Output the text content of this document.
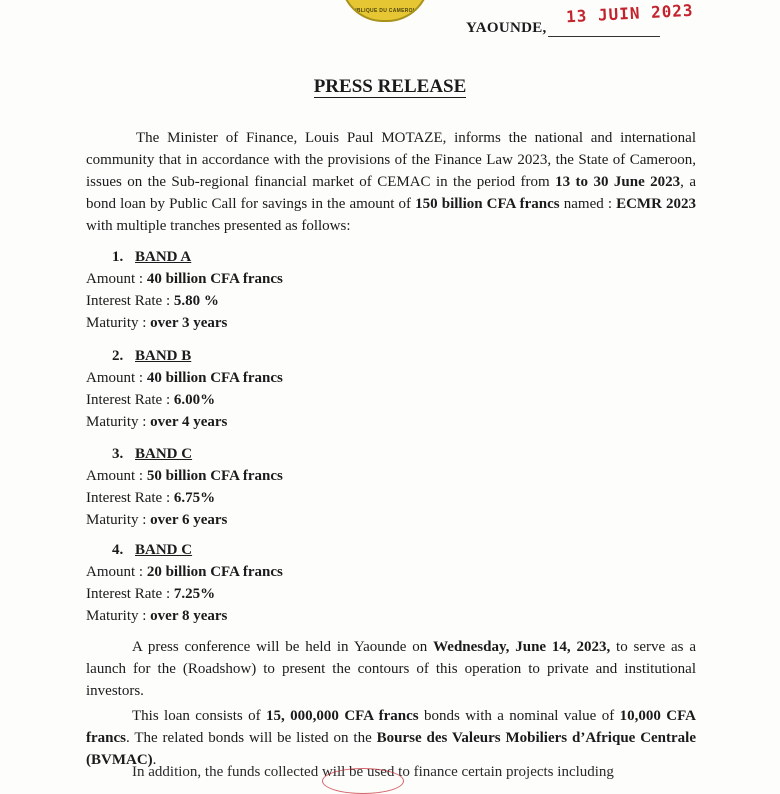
PUBLIQUE DU CAMEROUN
YAOUNDE,
13 JUIN 2023
PRESS RELEASE

The Minister of Finance, Louis Paul MOTAZE, informs the national and international community that in accordance with the provisions of the Finance Law 2023, the State of Cameroon, issues on the Sub-regional financial market of CEMAC in the period from 13 to 30 June 2023, a bond loan by Public Call for savings in the amount of 150 billion CFA francs named : ECMR 2023 with multiple tranches presented as follows:

1. BAND A
Amount : 40 billion CFA francs
Interest Rate : 5.80 %
Maturity : over 3 years
2. BAND B
Amount : 40 billion CFA francs
Interest Rate : 6.00%
Maturity : over 4 years
3. BAND C
Amount : 50 billion CFA francs
Interest Rate : 6.75%
Maturity : over 6 years
4. BAND C
Amount : 20 billion CFA francs
Interest Rate : 7.25%
Maturity : over 8 years

A press conference will be held in Yaounde on Wednesday, June 14, 2023, to serve as a launch for the (Roadshow) to present the contours of this operation to private and institutional investors.

This loan consists of 15, 000,000 CFA francs bonds with a nominal value of 10,000 CFA francs. The related bonds will be listed on the Bourse des Valeurs Mobiliers d’Afrique Centrale (BVMAC).

In addition, the funds collected will be used to finance certain projects including
